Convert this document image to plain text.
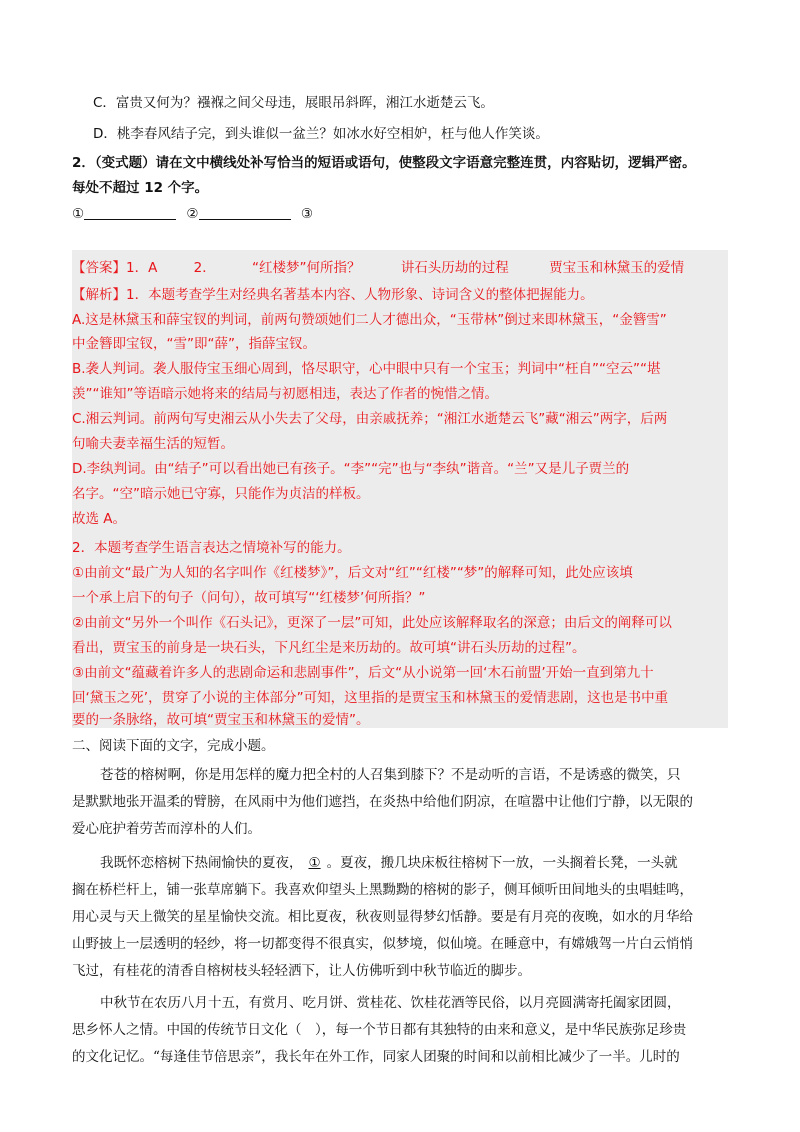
C．富贵又何为？襁褓之间父母违，展眼吊斜晖，湘江水逝楚云飞。
D．桃李春风结子完，到头谁似一盆兰？如冰水好空相妒，枉与他人作笑谈。
2．（变式题）请在文中横线处补写恰当的短语或语句，使整段文字语意完整连贯，内容贴切，逻辑严密。
每处不超过 12 个字。
①	②	③
【答案】1．A	2．	“红楼梦”何所指？	讲石头历劫的过程	贾宝玉和林黛玉的爱情
【解析】1．本题考查学生对经典名著基本内容、人物形象、诗词含义的整体把握能力。
A.这是林黛玉和薛宝钗的判词，前两句赞颂她们二人才德出众，“玉带林”倒过来即林黛玉，“金簪雪”
中金簪即宝钗，“雪”即“薛”，指薛宝钗。
B.袭人判词。袭人服侍宝玉细心周到，恪尽职守，心中眼中只有一个宝玉；判词中“枉自”“空云”“堪
羡”“谁知”等语暗示她将来的结局与初愿相违，表达了作者的惋惜之情。
C.湘云判词。前两句写史湘云从小失去了父母，由亲戚抚养；“湘江水逝楚云飞”藏“湘云”两字，后两
句喻夫妻幸福生活的短暂。
D.李纨判词。由“结子”可以看出她已有孩子。“李”“完”也与“李纨”谐音。“兰”又是儿子贾兰的
名字。“空”暗示她已守寡，只能作为贞洁的样板。
故选 A。
2．本题考查学生语言表达之情境补写的能力。
①由前文“最广为人知的名字叫作《红楼梦》”，后文对“红”“红楼”“梦”的解释可知，此处应该填
一个承上启下的句子（问句），故可填写“‘红楼梦’何所指？”
②由前文“另外一个叫作《石头记》，更深了一层”可知，此处应该解释取名的深意；由后文的阐释可以
看出，贾宝玉的前身是一块石头，下凡红尘是来历劫的。故可填“讲石头历劫的过程”。
③由前文“蕴藏着许多人的悲剧命运和悲剧事件”，后文“从小说第一回‘木石前盟’开始一直到第九十
回‘黛玉之死’，贯穿了小说的主体部分”可知，这里指的是贾宝玉和林黛玉的爱情悲剧，这也是书中重
要的一条脉络，故可填“贾宝玉和林黛玉的爱情”。
二、阅读下面的文字，完成小题。
苍苍的榕树啊，你是用怎样的魔力把全村的人召集到膝下？不是动听的言语，不是诱惑的微笑，只
是默默地张开温柔的臂膀，在风雨中为他们遮挡，在炎热中给他们阴凉，在喧嚣中让他们宁静，以无限的
爱心庇护着劳苦而淳朴的人们。
我既怀恋榕树下热闹愉快的夏夜， ① 。夏夜，搬几块床板往榕树下一放，一头搁着长凳，一头就
搁在桥栏杆上，铺一张草席躺下。我喜欢仰望头上黑黝黝的榕树的影子，侧耳倾听田间地头的虫唱蛙鸣，
用心灵与天上微笑的星星愉快交流。相比夏夜，秋夜则显得梦幻恬静。要是有月亮的夜晚，如水的月华给
山野披上一层透明的轻纱，将一切都变得不很真实，似梦境，似仙境。在睡意中，有嫦娥驾一片白云悄悄
飞过，有桂花的清香自榕树枝头轻轻洒下，让人仿佛听到中秋节临近的脚步。
中秋节在农历八月十五，有赏月、吃月饼、赏桂花、饮桂花酒等民俗，以月亮圆满寄托阖家团圆，
思乡怀人之情。中国的传统节日文化（　），每一个节日都有其独特的由来和意义，是中华民族弥足珍贵
的文化记忆。“每逢佳节倍思亲”，我长年在外工作，同家人团聚的时间和以前相比减少了一半。儿时的
